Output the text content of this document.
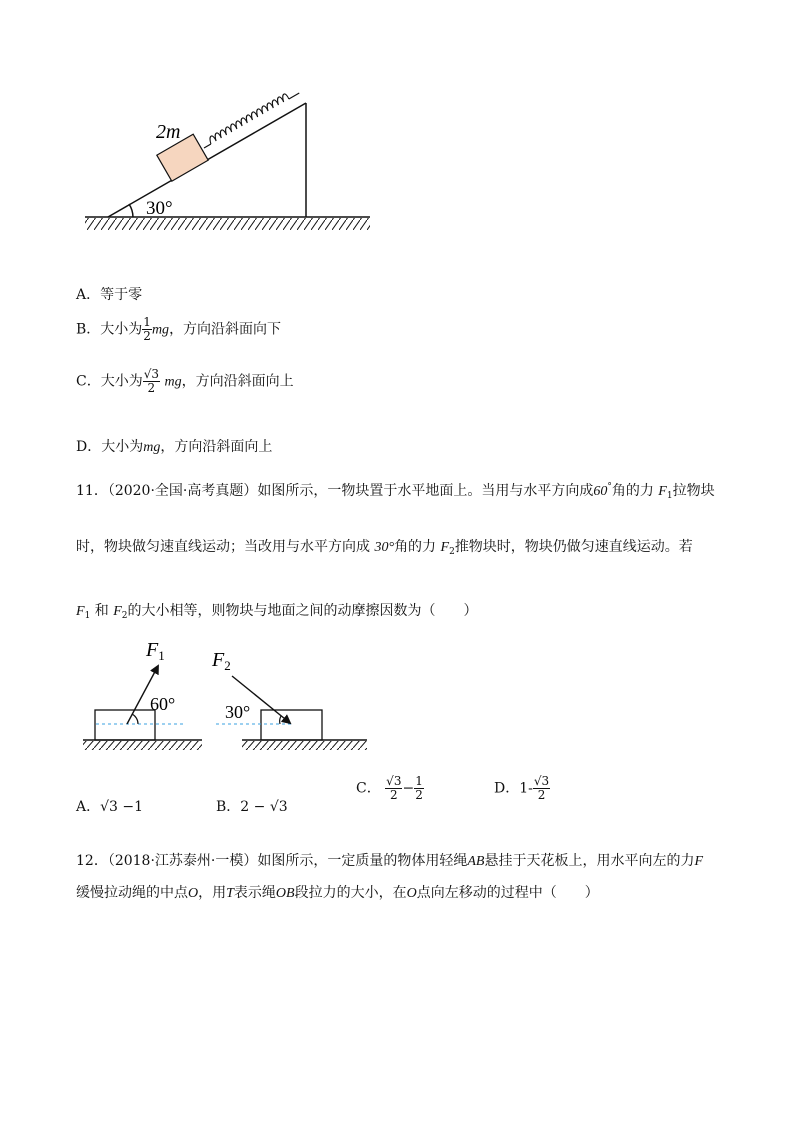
30°
2m
A．等于零
B．大小为 $\frac{1}{2}$ mg，方向沿斜面向下
C．大小为 $\frac{√3}{2}$ mg，方向沿斜面向上
D．大小为mg，方向沿斜面向上
11．（2020·全国·高考真题）如图所示，一物块置于水平地面上。当用与水平方向成60°角的力 $F_1$拉物块
时，物块做匀速直线运动；当改用与水平方向成 30°角的力 $F_2$推物块时，物块仍做匀速直线运动。若
$F_1$ 和 $F_2$的大小相等，则物块与地面之间的动摩擦因数为（　　）
$F_1$
60°
$F_2$
30°
A．√3 −1	B．2 − √3
C． $\frac{√3}{2} - \frac{1}{2}$	D．$1- \frac{√3}{2}$
12．（2018·江苏泰州·一模）如图所示，一定质量的物体用轻绳AB悬挂于天花板上，用水平向左的力F
缓慢拉动绳的中点O，用T表示绳OB段拉力的大小，在O点向左移动的过程中（　　）
